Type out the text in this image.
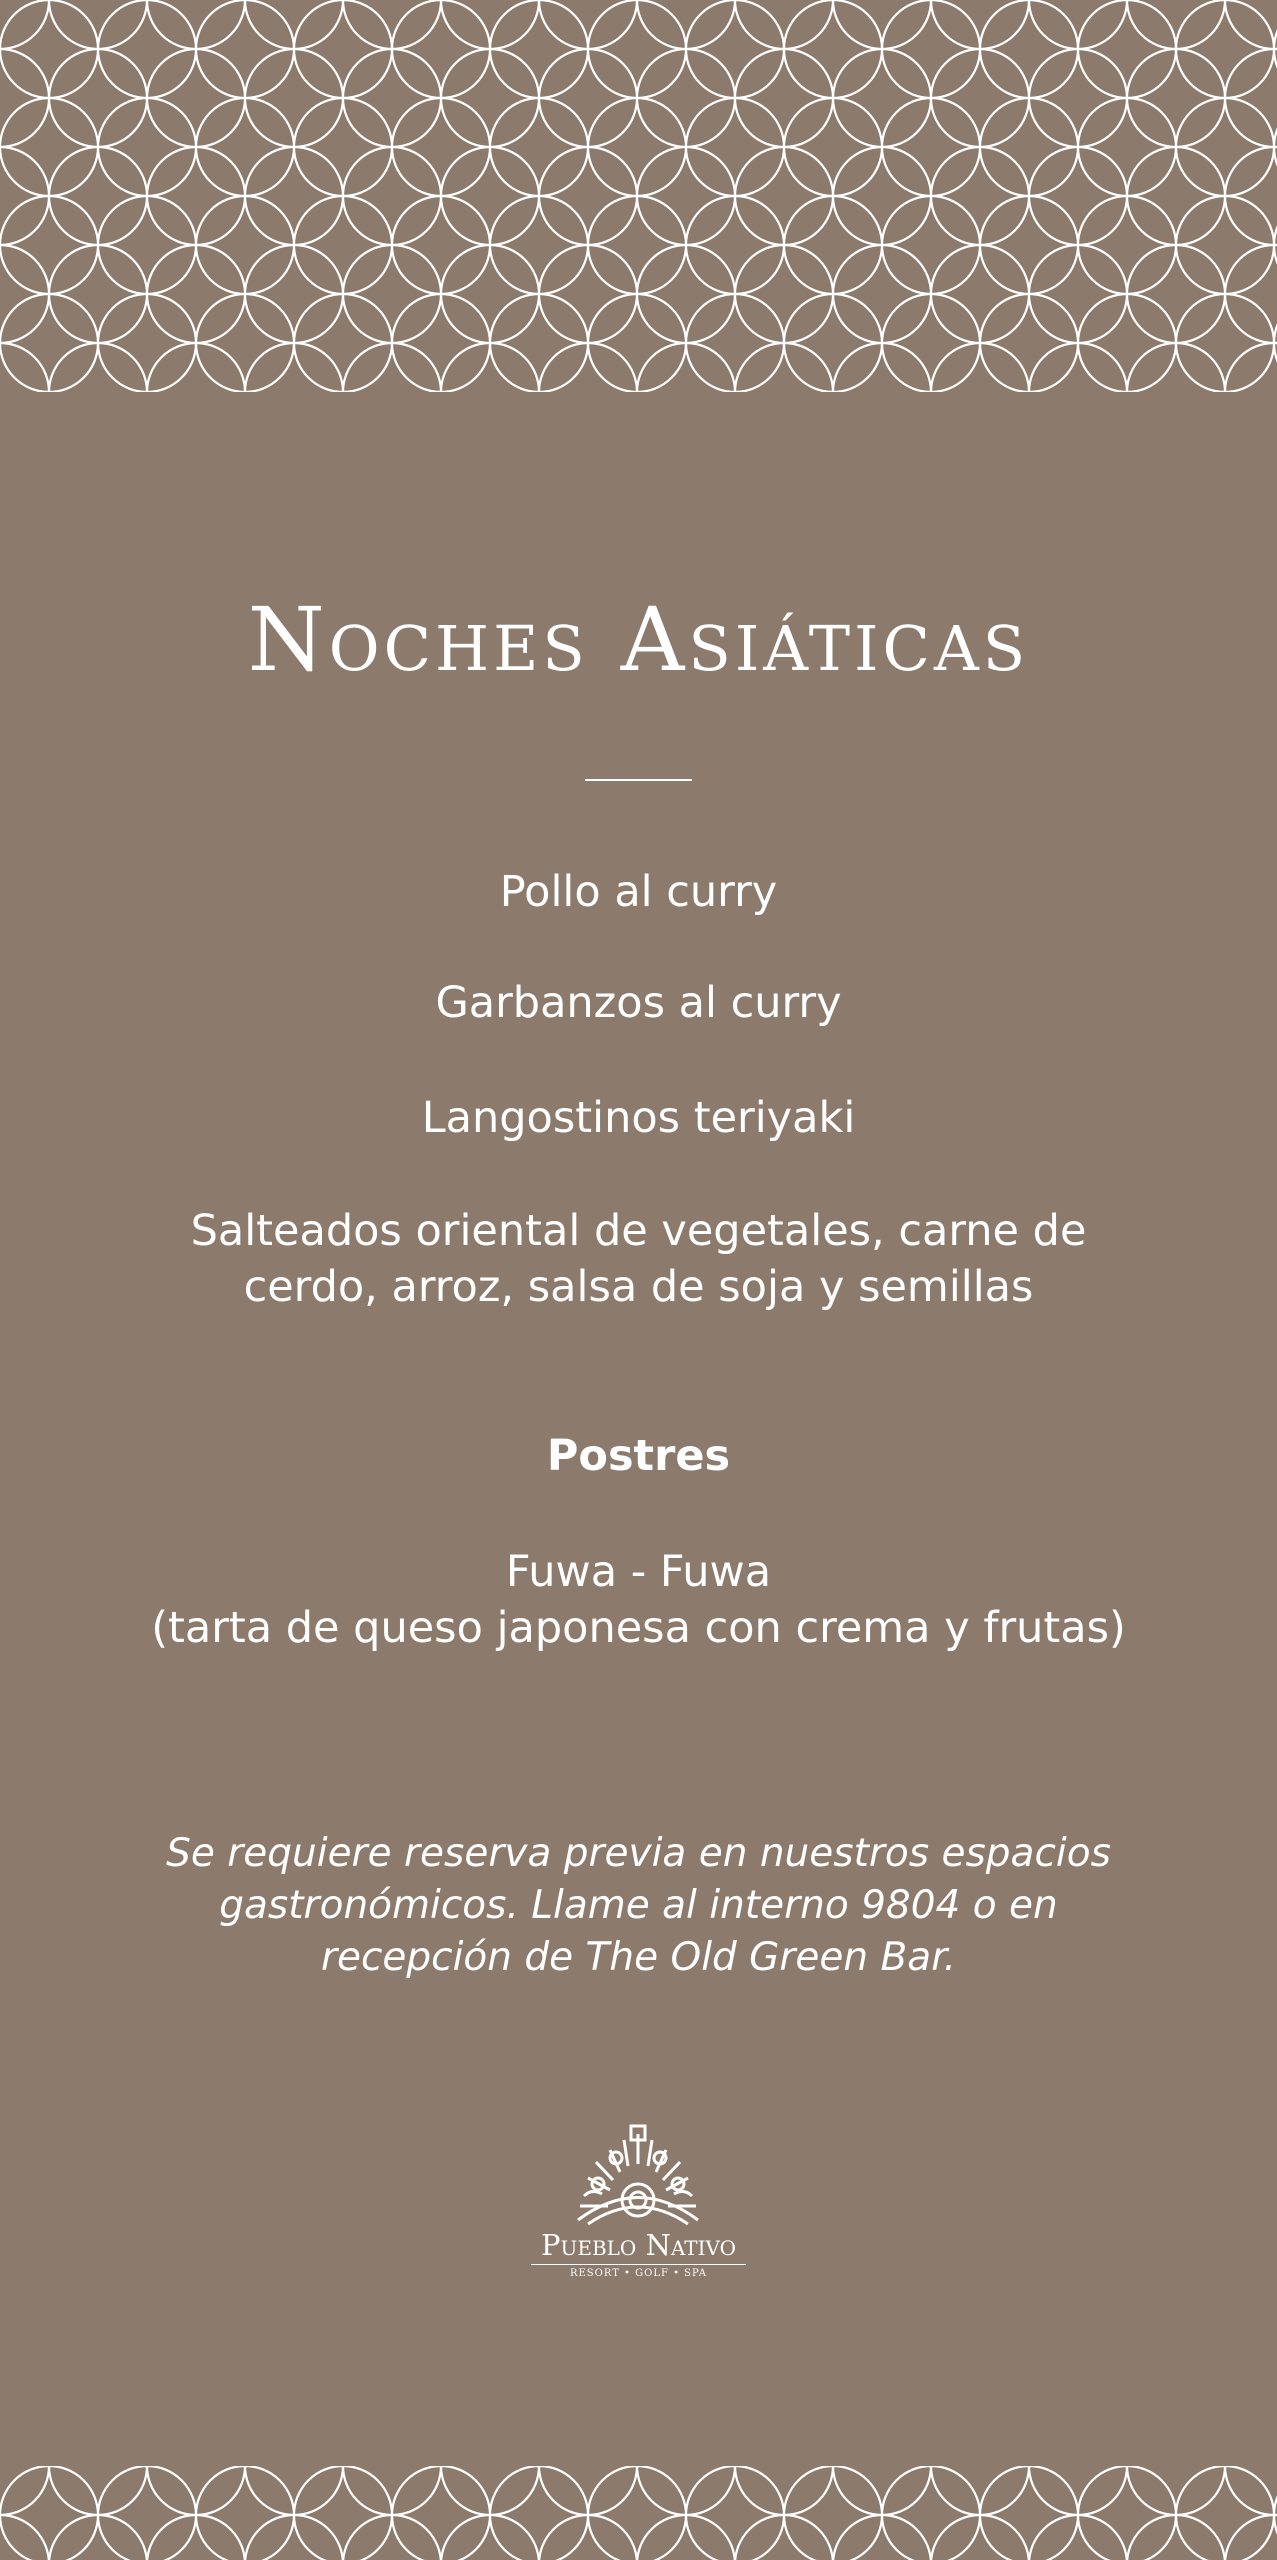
Noches Asiáticas

Pollo al curry

Garbanzos al curry

Langostinos teriyaki

Salteados oriental de vegetales, carne de
cerdo, arroz, salsa de soja y semillas

Postres

Fuwa - Fuwa
(tarta de queso japonesa con crema y frutas)

Se requiere reserva previa en nuestros espacios
gastronómicos. Llame al interno 9804 o en
recepción de The Old Green Bar.

Pueblo Nativo
RESORT • GOLF • SPA
